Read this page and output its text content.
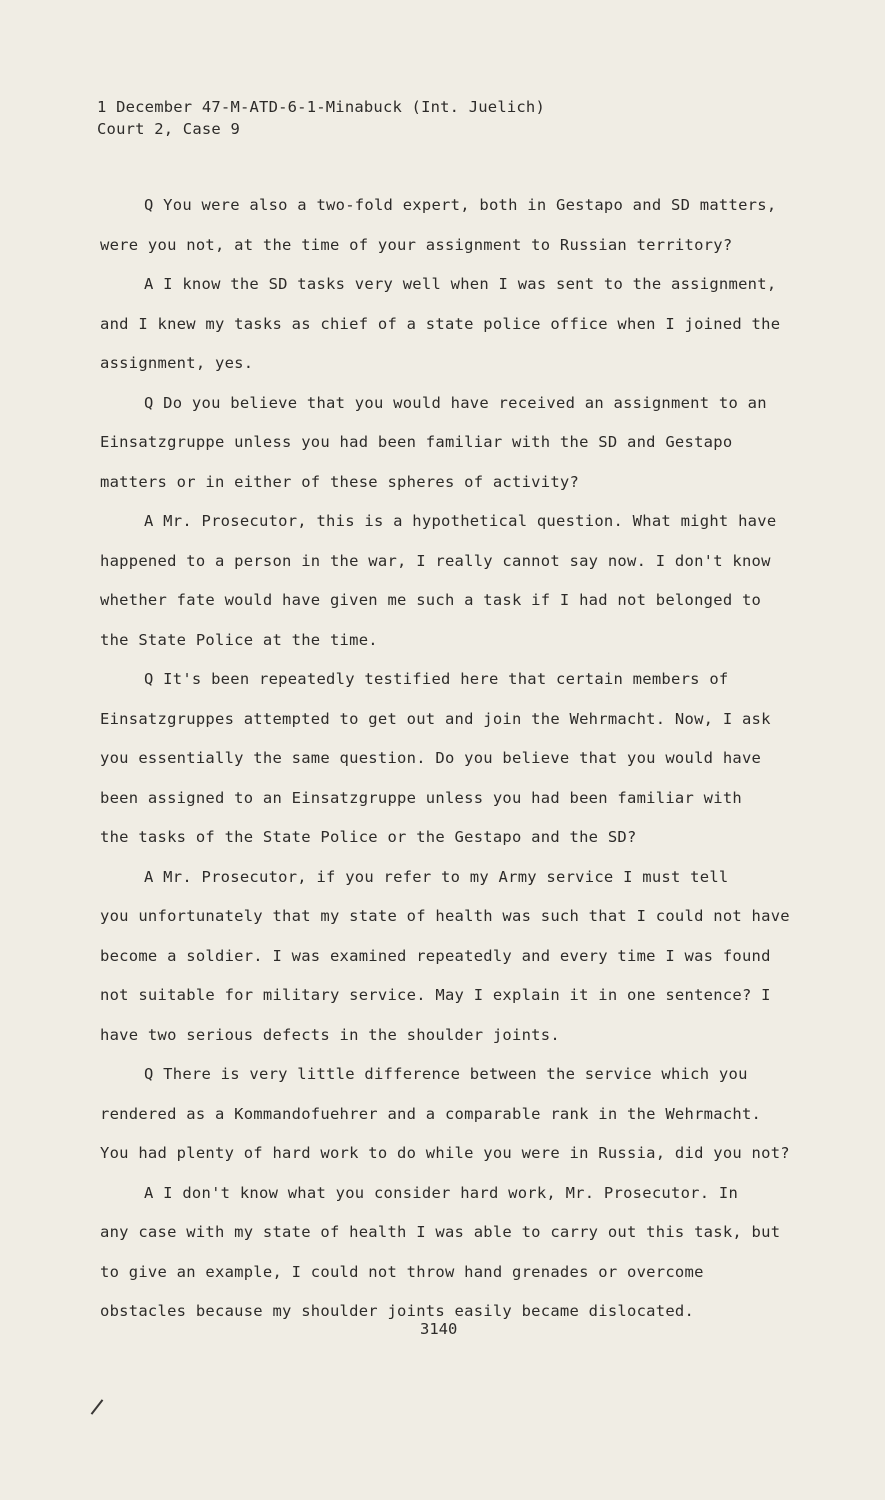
1 December 47-M-ATD-6-1-Minabuck (Int. Juelich)
Court 2, Case 9
Q You were also a two-fold expert, both in Gestapo and SD matters,
were you not, at the time of your assignment to Russian territory?
A I know the SD tasks very well when I was sent to the assignment,
and I knew my tasks as chief of a state police office when I joined the
assignment, yes.
Q Do you believe that you would have received an assignment to an
Einsatzgruppe unless you had been familiar with the SD and Gestapo
matters or in either of these spheres of activity?
A Mr. Prosecutor, this is a hypothetical question. What might have
happened to a person in the war, I really cannot say now. I don't know
whether fate would have given me such a task if I had not belonged to
the State Police at the time.
Q It's been repeatedly testified here that certain members of
Einsatzgruppes attempted to get out and join the Wehrmacht. Now, I ask
you essentially the same question. Do you believe that you would have
been assigned to an Einsatzgruppe unless you had been familiar with
the tasks of the State Police or the Gestapo and the SD?
A Mr. Prosecutor, if you refer to my Army service I must tell
you unfortunately that my state of health was such that I could not have
become a soldier. I was examined repeatedly and every time I was found
not suitable for military service. May I explain it in one sentence? I
have two serious defects in the shoulder joints.
Q There is very little difference between the service which you
rendered as a Kommandofuehrer and a comparable rank in the Wehrmacht.
You had plenty of hard work to do while you were in Russia, did you not?
A I don't know what you consider hard work, Mr. Prosecutor. In
any case with my state of health I was able to carry out this task, but
to give an example, I could not throw hand grenades or overcome
obstacles because my shoulder joints easily became dislocated.
3140
